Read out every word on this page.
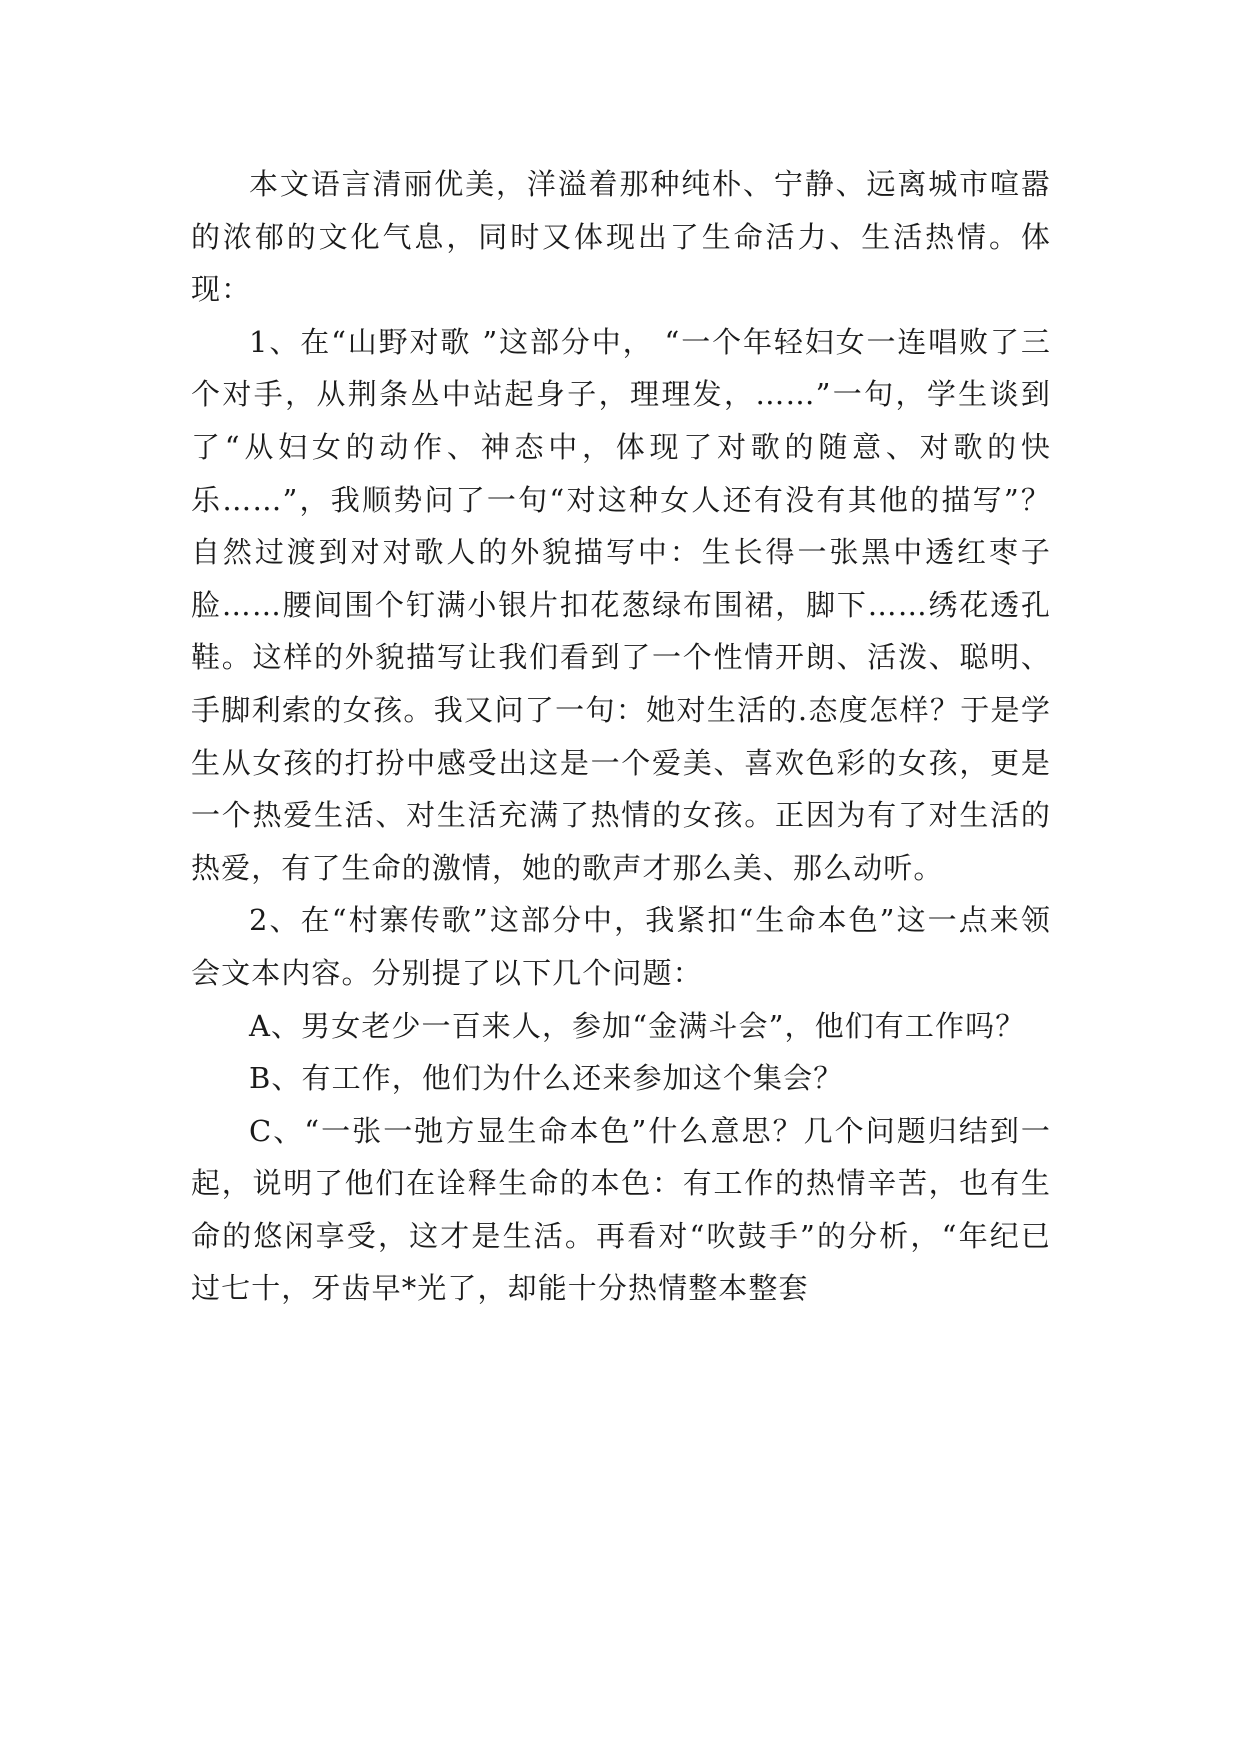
本文语言清丽优美，洋溢着那种纯朴、宁静、远离城市喧嚣的浓郁的文化气息，同时又体现出了生命活力、生活热情。体现：

1、在“山野对歌 ”这部分中， “一个年轻妇女一连唱败了三个对手，从荆条丛中站起身子，理理发，……”一句，学生谈到了“从妇女的动作、神态中，体现了对歌的随意、对歌的快乐……”，我顺势问了一句“对这种女人还有没有其他的描写”？自然过渡到对对歌人的外貌描写中：生长得一张黑中透红枣子脸……腰间围个钉满小银片扣花葱绿布围裙，脚下……绣花透孔鞋。这样的外貌描写让我们看到了一个性情开朗、活泼、聪明、手脚利索的女孩。我又问了一句：她对生活的.态度怎样？于是学生从女孩的打扮中感受出这是一个爱美、喜欢色彩的女孩，更是一个热爱生活、对生活充满了热情的女孩。正因为有了对生活的热爱，有了生命的激情，她的歌声才那么美、那么动听。

2、在“村寨传歌”这部分中，我紧扣“生命本色”这一点来领会文本内容。分别提了以下几个问题：

A、男女老少一百来人，参加“金满斗会”，他们有工作吗？

B、有工作，他们为什么还来参加这个集会？

C、“一张一弛方显生命本色”什么意思？几个问题归结到一起，说明了他们在诠释生命的本色：有工作的热情辛苦，也有生命的悠闲享受，这才是生活。再看对“吹鼓手”的分析，“年纪已过七十，牙齿早*光了，却能十分热情整本整套
